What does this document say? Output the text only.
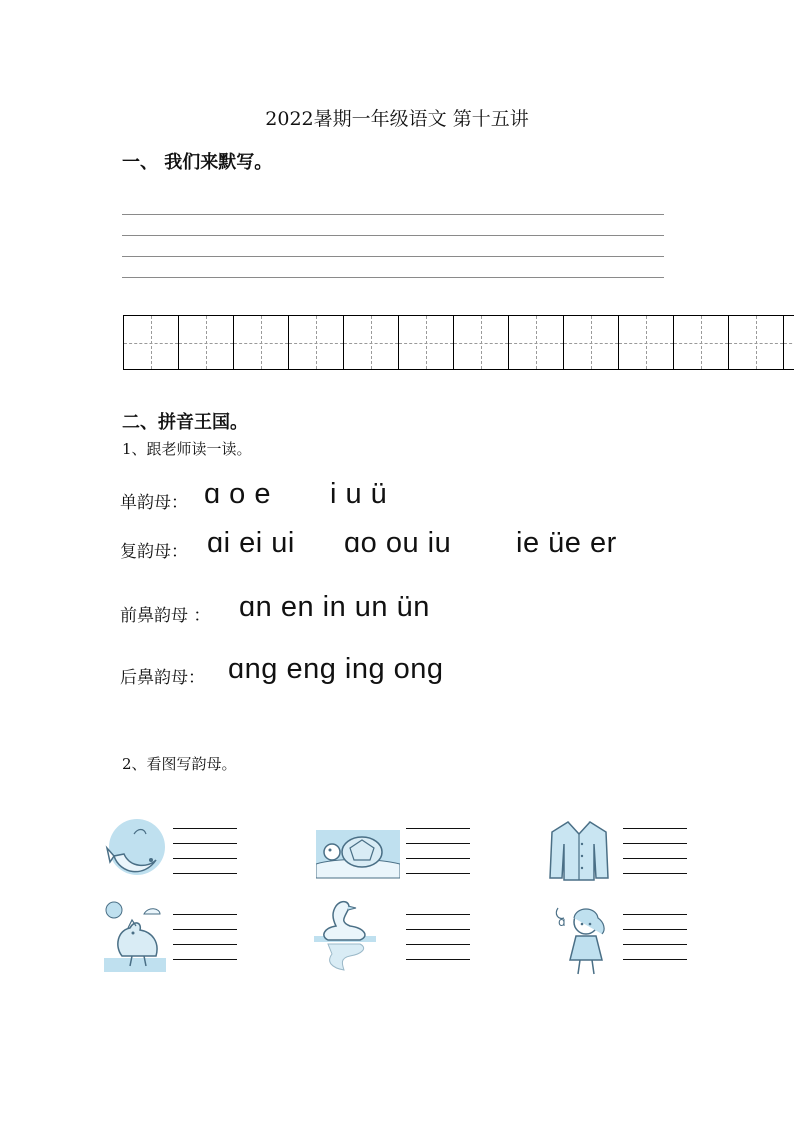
2022暑期一年级语文 第十五讲
一、 我们来默写。
二、拼音王国。
1、跟老师读一读。
单韵母： ɑ o e i u ü
复韵母： ɑi ei ui ɑo ou iu ie üe er
前鼻韵母 ： ɑn en in un ün
后鼻韵母： ɑng eng ing ong
2、看图写韵母。
ɑ
